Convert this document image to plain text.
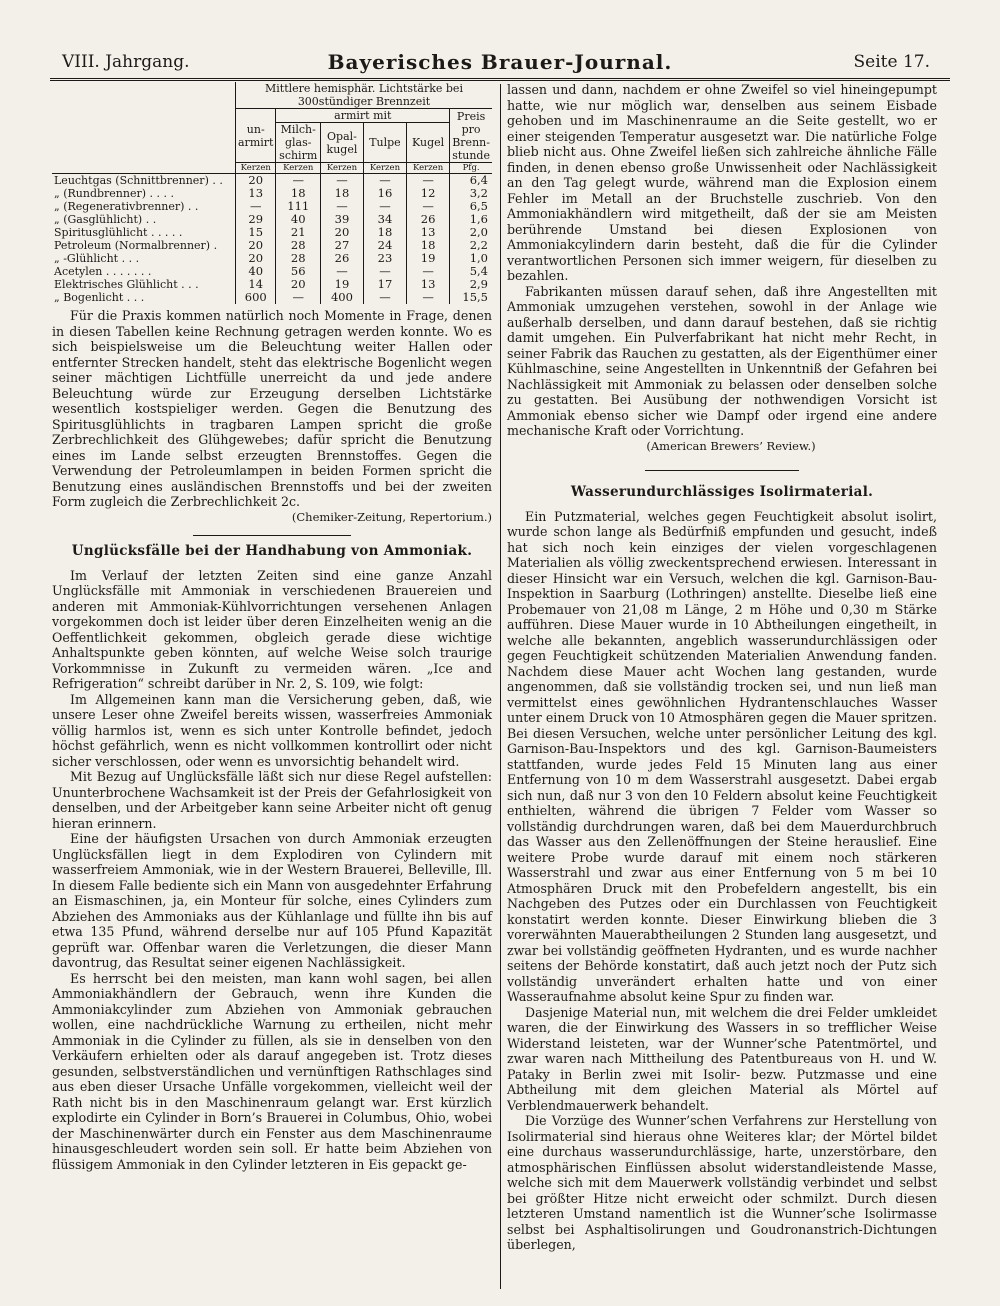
VIII. Jahrgang.	Bayerisches Brauer-Journal.	Seite 17.
	Mittlere hemisphär. Lichtstärke bei
300stündiger Brennzeit					
	un-armirt	armirt mit				Preis pro Brenn-stunde
		Milch-glas-schirm	Opal-kugel	Tulpe	Kugel	
	Kerzen	Kerzen	Kerzen	Kerzen	Kerzen	Pfg.
Leuchtgas (Schnittbrenner) . .	20	—	—	—	—	6,4
„ (Rundbrenner) . . . .	13	18	18	16	12	3,2
„ (Regenerativbrenner) . .	—	111	—	—	—	6,5
„ (Gasglühlicht) . .	29	40	39	34	26	1,6
Spiritusglühlicht . . . . .	15	21	20	18	13	2,0
Petroleum (Normalbrenner) .	20	28	27	24	18	2,2
„ -Glühlicht . . .	20	28	26	23	19	1,0
Acetylen . . . . . . .	40	56	—	—	—	5,4
Elektrisches Glühlicht . . .	14	20	19	17	13	2,9
„ Bogenlicht . . .	600	—	400	—	—	15,5

Für die Praxis kommen natürlich noch Momente in Frage, denen in diesen Tabellen keine Rechnung getragen werden konnte. Wo es sich beispielsweise um die Beleuchtung weiter Hallen oder entfernter Strecken handelt, steht das elektrische Bogenlicht wegen seiner mächtigen Lichtfülle unerreicht da und jede andere Beleuchtung würde zur Erzeugung derselben Lichtstärke wesentlich kostspieliger werden. Gegen die Benutzung des Spiritusglühlichts in tragbaren Lampen spricht die große Zerbrechlichkeit des Glühgewebes; dafür spricht die Benutzung eines im Lande selbst erzeugten Brennstoffes. Gegen die Verwendung der Petroleumlampen in beiden Formen spricht die Benutzung eines ausländischen Brennstoffs und bei der zweiten Form zugleich die Zerbrechlichkeit 2c.

(Chemiker-Zeitung, Repertorium.)

Unglücksfälle bei der Handhabung von Ammoniak.

Im Verlauf der letzten Zeiten sind eine ganze Anzahl Unglücksfälle mit Ammoniak in verschiedenen Brauereien und anderen mit Ammoniak-Kühlvorrichtungen versehenen Anlagen vorgekommen doch ist leider über deren Einzelheiten wenig an die Oeffentlichkeit gekommen, obgleich gerade diese wichtige Anhaltspunkte geben könnten, auf welche Weise solch traurige Vorkommnisse in Zukunft zu vermeiden wären. „Ice and Refrigeration“ schreibt darüber in Nr. 2, S. 109, wie folgt:

Im Allgemeinen kann man die Versicherung geben, daß, wie unsere Leser ohne Zweifel bereits wissen, wasserfreies Ammoniak völlig harmlos ist, wenn es sich unter Kontrolle befindet, jedoch höchst gefährlich, wenn es nicht vollkommen kontrollirt oder nicht sicher verschlossen, oder wenn es unvorsichtig behandelt wird.

Mit Bezug auf Unglücksfälle läßt sich nur diese Regel aufstellen: Ununterbrochene Wachsamkeit ist der Preis der Gefahrlosigkeit von denselben, und der Arbeitgeber kann seine Arbeiter nicht oft genug hieran erinnern.

Eine der häufigsten Ursachen von durch Ammoniak erzeugten Unglücksfällen liegt in dem Explodiren von Cylindern mit wasserfreiem Ammoniak, wie in der Western Brauerei, Belleville, Ill. In diesem Falle bediente sich ein Mann von ausgedehnter Erfahrung an Eismaschinen, ja, ein Monteur für solche, eines Cylinders zum Abziehen des Ammoniaks aus der Kühlanlage und füllte ihn bis auf etwa 135 Pfund, während derselbe nur auf 105 Pfund Kapazität geprüft war. Offenbar waren die Verletzungen, die dieser Mann davontrug, das Resultat seiner eigenen Nachlässigkeit.

Es herrscht bei den meisten, man kann wohl sagen, bei allen Ammoniakhändlern der Gebrauch, wenn ihre Kunden die Ammoniakcylinder zum Abziehen von Ammoniak gebrauchen wollen, eine nachdrückliche Warnung zu ertheilen, nicht mehr Ammoniak in die Cylinder zu füllen, als sie in denselben von den Verkäufern erhielten oder als darauf angegeben ist. Trotz dieses gesunden, selbstverständlichen und vernünftigen Rathschlages sind aus eben dieser Ursache Unfälle vorgekommen, vielleicht weil der Rath nicht bis in den Maschinenraum gelangt war. Erst kürzlich explodirte ein Cylinder in Born’s Brauerei in Columbus, Ohio, wobei der Maschinenwärter durch ein Fenster aus dem Maschinenraume hinausgeschleudert worden sein soll. Er hatte beim Abziehen von flüssigem Ammoniak in den Cylinder letzteren in Eis gepackt ge-

lassen und dann, nachdem er ohne Zweifel so viel hineingepumpt hatte, wie nur möglich war, denselben aus seinem Eisbade gehoben und im Maschinenraume an die Seite gestellt, wo er einer steigenden Temperatur ausgesetzt war. Die natürliche Folge blieb nicht aus. Ohne Zweifel ließen sich zahlreiche ähnliche Fälle finden, in denen ebenso große Unwissenheit oder Nachlässigkeit an den Tag gelegt wurde, während man die Explosion einem Fehler im Metall an der Bruchstelle zuschrieb. Von den Ammoniakhändlern wird mitgetheilt, daß der sie am Meisten berührende Umstand bei diesen Explosionen von Ammoniakcylindern darin besteht, daß die für die Cylinder verantwortlichen Personen sich immer weigern, für dieselben zu bezahlen.

Fabrikanten müssen darauf sehen, daß ihre Angestellten mit Ammoniak umzugehen verstehen, sowohl in der Anlage wie außerhalb derselben, und dann darauf bestehen, daß sie richtig damit umgehen. Ein Pulverfabrikant hat nicht mehr Recht, in seiner Fabrik das Rauchen zu gestatten, als der Eigenthümer einer Kühlmaschine, seine Angestellten in Unkenntniß der Gefahren bei Nachlässigkeit mit Ammoniak zu belassen oder denselben solche zu gestatten. Bei Ausübung der nothwendigen Vorsicht ist Ammoniak ebenso sicher wie Dampf oder irgend eine andere mechanische Kraft oder Vorrichtung.

(American Brewers’ Review.)

Wasserundurchlässiges Isolirmaterial.

Ein Putzmaterial, welches gegen Feuchtigkeit absolut isolirt, wurde schon lange als Bedürfniß empfunden und gesucht, indeß hat sich noch kein einziges der vielen vorgeschlagenen Materialien als völlig zweckentsprechend erwiesen. Interessant in dieser Hinsicht war ein Versuch, welchen die kgl. Garnison-Bau-Inspektion in Saarburg (Lothringen) anstellte. Dieselbe ließ eine Probemauer von 21,08 m Länge, 2 m Höhe und 0,30 m Stärke aufführen. Diese Mauer wurde in 10 Abtheilungen eingetheilt, in welche alle bekannten, angeblich wasserundurchlässigen oder gegen Feuchtigkeit schützenden Materialien Anwendung fanden. Nachdem diese Mauer acht Wochen lang gestanden, wurde angenommen, daß sie vollständig trocken sei, und nun ließ man vermittelst eines gewöhnlichen Hydrantenschlauches Wasser unter einem Druck von 10 Atmosphären gegen die Mauer spritzen. Bei diesen Versuchen, welche unter persönlicher Leitung des kgl. Garnison-Bau-Inspektors und des kgl. Garnison-Baumeisters stattfanden, wurde jedes Feld 15 Minuten lang aus einer Entfernung von 10 m dem Wasserstrahl ausgesetzt. Dabei ergab sich nun, daß nur 3 von den 10 Feldern absolut keine Feuchtigkeit enthielten, während die übrigen 7 Felder vom Wasser so vollständig durchdrungen waren, daß bei dem Mauerdurchbruch das Wasser aus den Zellenöffnungen der Steine herauslief. Eine weitere Probe wurde darauf mit einem noch stärkeren Wasserstrahl und zwar aus einer Entfernung von 5 m bei 10 Atmosphären Druck mit den Probefeldern angestellt, bis ein Nachgeben des Putzes oder ein Durchlassen von Feuchtigkeit konstatirt werden konnte. Dieser Einwirkung blieben die 3 vorerwähnten Mauerabtheilungen 2 Stunden lang ausgesetzt, und zwar bei vollständig geöffneten Hydranten, und es wurde nachher seitens der Behörde konstatirt, daß auch jetzt noch der Putz sich vollständig unverändert erhalten hatte und von einer Wasseraufnahme absolut keine Spur zu finden war.

Dasjenige Material nun, mit welchem die drei Felder umkleidet waren, die der Einwirkung des Wassers in so trefflicher Weise Widerstand leisteten, war der Wunner’sche Patentmörtel, und zwar waren nach Mittheilung des Patentbureaus von H. und W. Pataky in Berlin zwei mit Isolir- bezw. Putzmasse und eine Abtheilung mit dem gleichen Material als Mörtel auf Verblendmauerwerk behandelt.

Die Vorzüge des Wunner’schen Verfahrens zur Herstellung von Isolirmaterial sind hieraus ohne Weiteres klar; der Mörtel bildet eine durchaus wasserundurchlässige, harte, unzerstörbare, den atmosphärischen Einflüssen absolut widerstandleistende Masse, welche sich mit dem Mauerwerk vollständig verbindet und selbst bei größter Hitze nicht erweicht oder schmilzt. Durch diesen letzteren Umstand namentlich ist die Wunner’sche Isolirmasse selbst bei Asphaltisolirungen und Goudronanstrich-Dichtungen überlegen,
